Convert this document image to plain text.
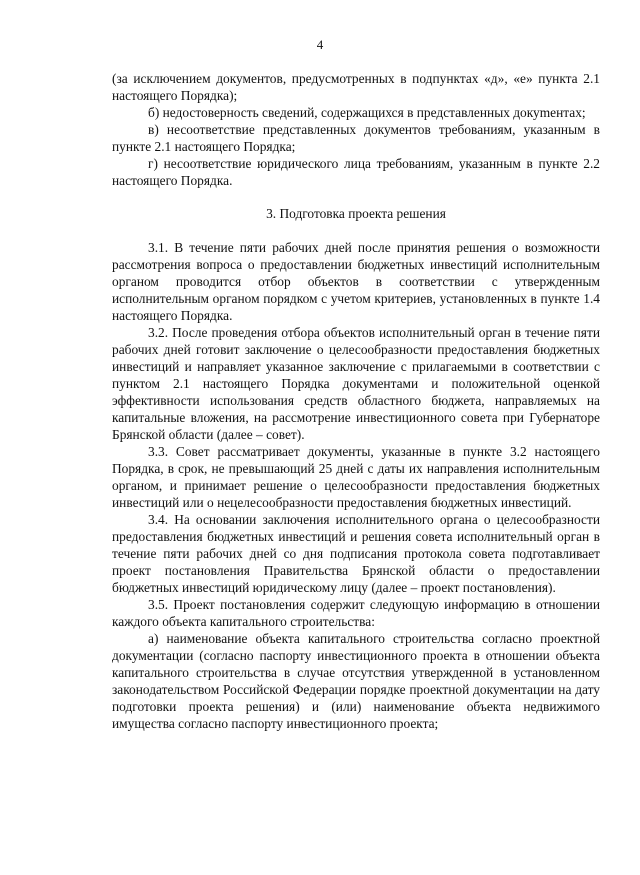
4

(за исключением документов, предусмотренных в подпунктах «д», «е» пункта 2.1 настоящего Порядка);

б) недостоверность сведений, содержащихся в представленных докуmентах;

в) несоответствие представленных документов требованиям, указанным в пункте 2.1 настоящего Порядка;

г) несоответствие юридического лица требованиям, указанным в пункте 2.2 настоящего Порядка.

3. Подготовка проекта решения

3.1. В течение пяти рабочих дней после принятия решения о возможности рассмотрения вопроса о предоставлении бюджетных инвестиций исполнительным органом проводится отбор объектов в соответствии с утвержденным исполнительным органом порядком с учетом критериев, установленных в пункте 1.4 настоящего Порядка.

3.2. После проведения отбора объектов исполнительный орган в течение пяти рабочих дней готовит заключение о целесообразности предоставления бюджетных инвестиций и направляет указанное заключение с прилагаемыми в соответствии с пунктом 2.1 настоящего Порядка документами и положительной оценкой эффективности использования средств областного бюджета, направляемых на капитальные вложения, на рассмотрение инвестиционного совета при Губернаторе Брянской области (далее – совет).

3.3. Совет рассматривает документы, указанные в пункте 3.2 настоящего Порядка, в срок, не превышающий 25 дней с даты их направления исполнительным органом, и принимает решение о целесообразности предоставления бюджетных инвестиций или о нецелесообразности предоставления бюджетных инвестиций.

3.4. На основании заключения исполнительного органа о целесообразности предоставления бюджетных инвестиций и решения совета исполнительный орган в течение пяти рабочих дней со дня подписания протокола совета подготавливает проект постановления Правительства Брянской области о предоставлении бюджетных инвестиций юридическому лицу (далее – проект постановления).

3.5. Проект постановления содержит следующую информацию в отношении каждого объекта капитального строительства:

а) наименование объекта капитального строительства согласно проектной документации (согласно паспорту инвестиционного проекта в отношении объекта капитального строительства в случае отсутствия утвержденной в установленном законодательством Российской Федерации порядке проектной документации на дату подготовки проекта решения) и (или) наименование объекта недвижимого имущества согласно паспорту инвестиционного проекта;
